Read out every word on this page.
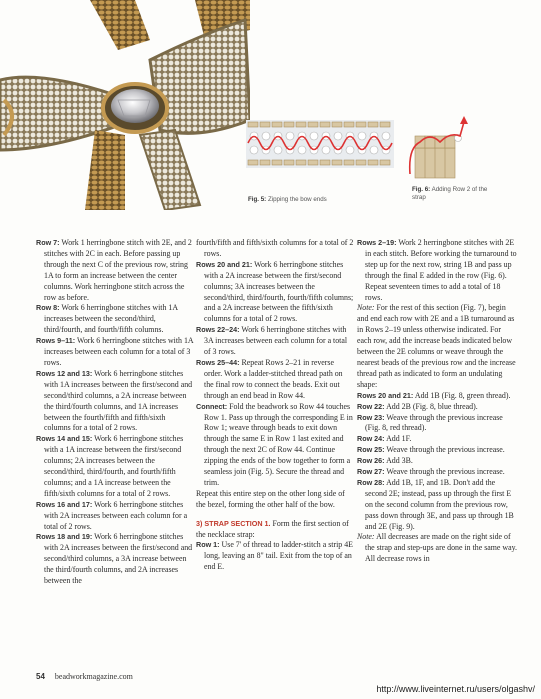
Fig. 5: Zipping the bow ends
Fig. 6: Adding Row 2 of the strap

Row 7: Work 1 herringbone stitch with 2E, and 2 stitches with 2C in each. Before passing up through the next C of the previous row, string 1A to form an increase between the center columns. Work herringbone stitch across the row as before.

Row 8: Work 6 herringbone stitches with 1A increases between the second/third, third/fourth, and fourth/fifth columns.

Rows 9–11: Work 6 herringbone stitches with 1A increases between each column for a total of 3 rows.

Rows 12 and 13: Work 6 herringbone stitches with 1A increases between the first/second and second/third columns, a 2A increase between the third/fourth columns, and 1A increases between the fourth/fifth and fifth/sixth columns for a total of 2 rows.

Rows 14 and 15: Work 6 herringbone stitches with a 1A increase between the first/second columns; 2A increases between the second/third, third/fourth, and fourth/fifth columns; and a 1A increase between the fifth/sixth columns for a total of 2 rows.

Rows 16 and 17: Work 6 herringbone stitches with 2A increases between each column for a total of 2 rows.

Rows 18 and 19: Work 6 herringbone stitches with 2A increases between the first/second and second/third columns, a 3A increase between the third/fourth columns, and 2A increases between the

fourth/fifth and fifth/sixth columns for a total of 2 rows.

Rows 20 and 21: Work 6 herringbone stitches with a 2A increase between the first/second columns; 3A increases between the second/third, third/fourth, fourth/fifth columns; and a 2A increase between the fifth/sixth columns for a total of 2 rows.

Rows 22–24: Work 6 herringbone stitches with 3A increases between each column for a total of 3 rows.

Rows 25–44: Repeat Rows 2–21 in reverse order. Work a ladder-stitched thread path on the final row to connect the beads. Exit out through an end bead in Row 44.

Connect: Fold the beadwork so Row 44 touches Row 1. Pass up through the corresponding E in Row 1; weave through beads to exit down through the same E in Row 1 last exited and through the next 2C of Row 44. Continue zipping the ends of the bow together to form a seamless join (Fig. 5). Secure the thread and trim.

Repeat this entire step on the other long side of the bezel, forming the other half of the bow.

3) STRAP SECTION 1. Form the first section of the necklace strap:

Row 1: Use 7' of thread to ladder-stitch a strip 4E long, leaving an 8" tail. Exit from the top of an end E.

Rows 2–19: Work 2 herringbone stitches with 2E in each stitch. Before working the turnaround to step up for the next row, string 1B and pass up through the final E added in the row (Fig. 6). Repeat seventeen times to add a total of 18 rows.

Note: For the rest of this section (Fig. 7), begin and end each row with 2E and a 1B turnaround as in Rows 2–19 unless otherwise indicated. For each row, add the increase beads indicated below between the 2E columns or weave through the nearest beads of the previous row and the increase thread path as indicated to form an undulating shape:

Rows 20 and 21: Add 1B (Fig. 8, green thread).

Row 22: Add 2B (Fig. 8, blue thread).

Row 23: Weave through the previous increase (Fig. 8, red thread).

Row 24: Add 1F.

Row 25: Weave through the previous increase.

Row 26: Add 3B.

Row 27: Weave through the previous increase.

Row 28: Add 1B, 1F, and 1B. Don't add the second 2E; instead, pass up through the first E on the second column from the previous row, pass down through 3E, and pass up through 1B and 2E (Fig. 9).

Note: All decreases are made on the right side of the strap and step-ups are done in the same way. All decrease rows in

54 beadworkmagazine.com
http://www.liveinternet.ru/users/olgashv/
